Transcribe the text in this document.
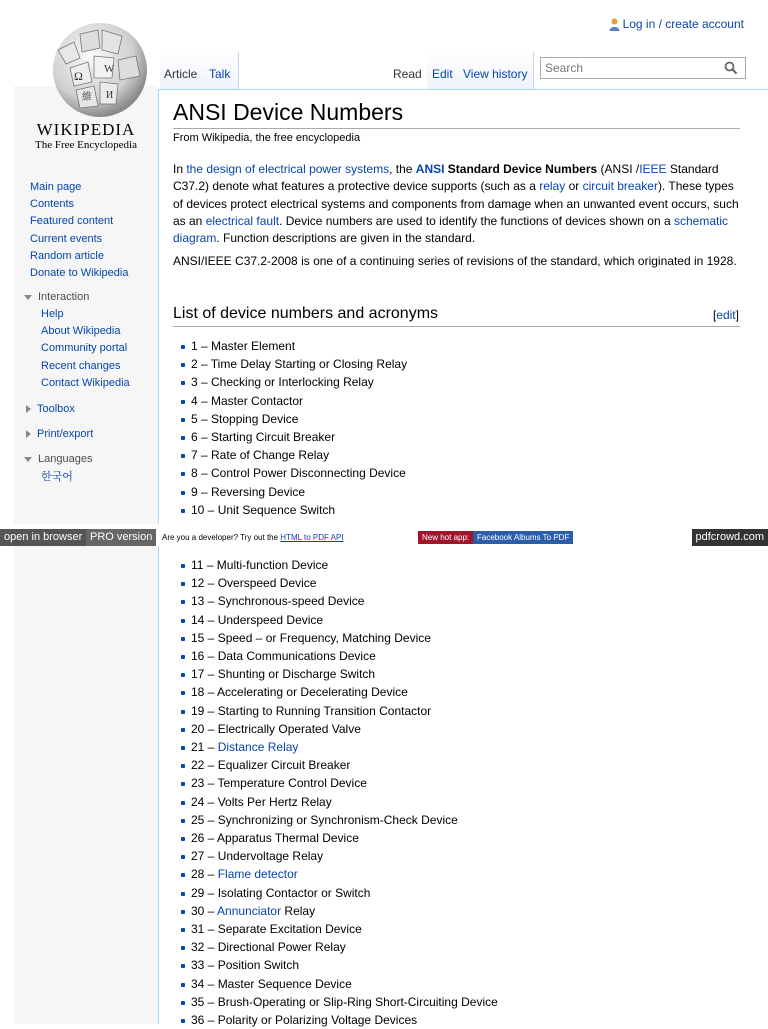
Ω W
維 И
WIKIPEDIA
The Free Encyclopedia
Log in / create account
Article Talk	Read Edit View history	Search
Main page
Contents
Featured content
Current events
Random article
Donate to Wikipedia
Interaction
Help
About Wikipedia
Community portal
Recent changes
Contact Wikipedia
Toolbox
Print/export
Languages
한국어
ANSI Device Numbers
From Wikipedia, the free encyclopedia
In the design of electrical power systems, the ANSI Standard Device Numbers (ANSI /IEEE Standard C37.2) denote what features a protective device supports (such as a relay or circuit breaker). These types of devices protect electrical systems and components from damage when an unwanted event occurs, such as an electrical fault. Device numbers are used to identify the functions of devices shown on a schematic diagram. Function descriptions are given in the standard.
ANSI/IEEE C37.2-2008 is one of a continuing series of revisions of the standard, which originated in 1928.
List of device numbers and acronyms	[edit]
1 – Master Element
2 – Time Delay Starting or Closing Relay
3 – Checking or Interlocking Relay
4 – Master Contactor
5 – Stopping Device
6 – Starting Circuit Breaker
7 – Rate of Change Relay
8 – Control Power Disconnecting Device
9 – Reversing Device
10 – Unit Sequence Switch
open in browser PRO version	Are you a developer? Try out the HTML to PDF API	New hot app: Facebook Albums To PDF	pdfcrowd.com
11 – Multi-function Device
12 – Overspeed Device
13 – Synchronous-speed Device
14 – Underspeed Device
15 – Speed – or Frequency, Matching Device
16 – Data Communications Device
17 – Shunting or Discharge Switch
18 – Accelerating or Decelerating Device
19 – Starting to Running Transition Contactor
20 – Electrically Operated Valve
21 – Distance Relay
22 – Equalizer Circuit Breaker
23 – Temperature Control Device
24 – Volts Per Hertz Relay
25 – Synchronizing or Synchronism-Check Device
26 – Apparatus Thermal Device
27 – Undervoltage Relay
28 – Flame detector
29 – Isolating Contactor or Switch
30 – Annunciator Relay
31 – Separate Excitation Device
32 – Directional Power Relay
33 – Position Switch
34 – Master Sequence Device
35 – Brush-Operating or Slip-Ring Short-Circuiting Device
36 – Polarity or Polarizing Voltage Devices
